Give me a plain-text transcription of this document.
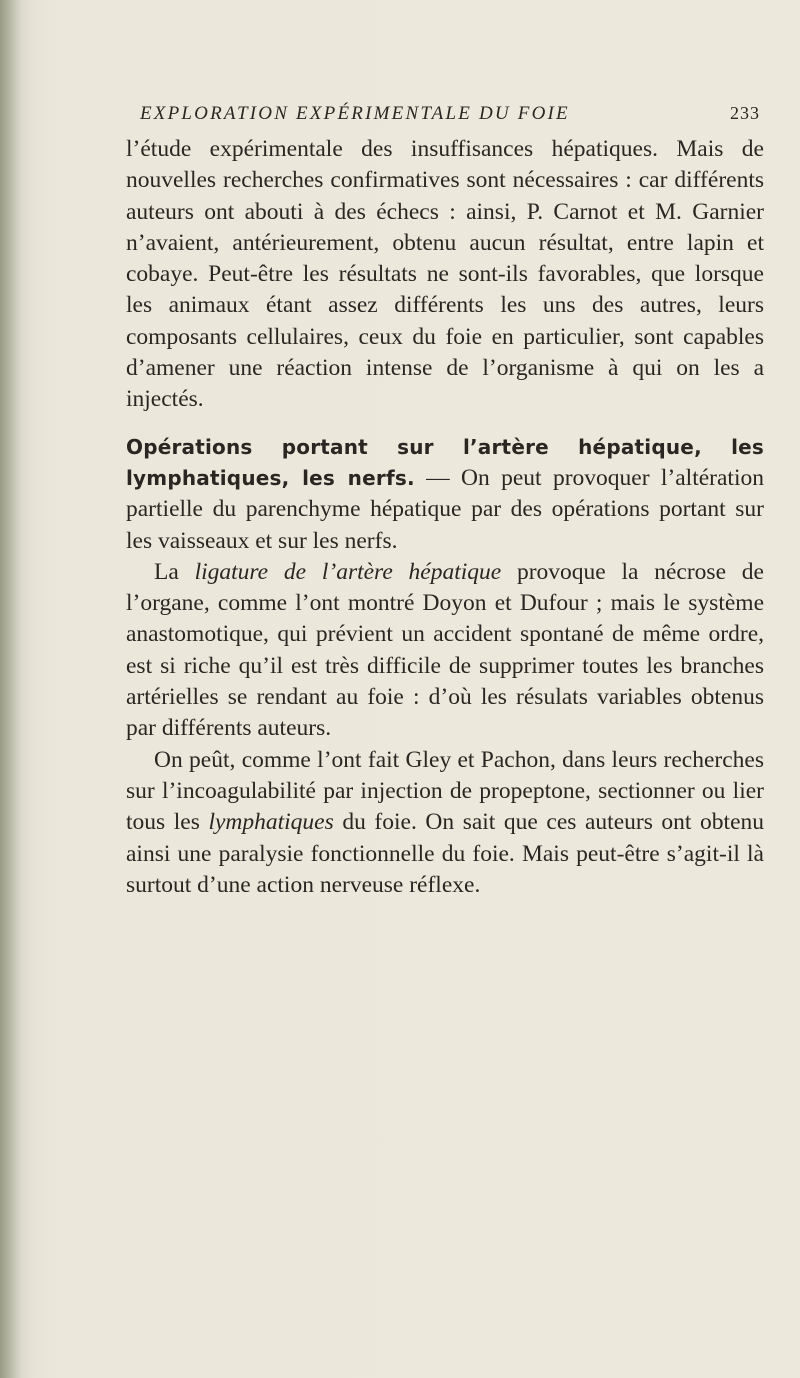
EXPLORATION EXPÉRIMENTALE DU FOIE	233

l’étude expérimentale des insuffisances hépatiques. Mais de nouvelles recherches confirmatives sont nécessaires : car différents auteurs ont abouti à des échecs : ainsi, P. Carnot et M. Garnier n’avaient, antérieurement, obtenu aucun résultat, entre lapin et cobaye. Peut-être les résultats ne sont-ils favorables, que lorsque les animaux étant assez différents les uns des autres, leurs composants cellulaires, ceux du foie en particulier, sont capables d’amener une réaction intense de l’organisme à qui on les a injectés.

Opérations portant sur l’artère hépatique, les lymphatiques, les nerfs. — On peut provoquer l’altération partielle du parenchyme hépatique par des opérations portant sur les vaisseaux et sur les nerfs.

La ligature de l’artère hépatique provoque la nécrose de l’organe, comme l’ont montré Doyon et Dufour ; mais le système anastomotique, qui prévient un accident spontané de même ordre, est si riche qu’il est très difficile de supprimer toutes les branches artérielles se rendant au foie : d’où les résulats variables obtenus par différents auteurs.

On peût, comme l’ont fait Gley et Pachon, dans leurs recherches sur l’incoagulabilité par injection de propeptone, sectionner ou lier tous les lymphatiques du foie. On sait que ces auteurs ont obtenu ainsi une paralysie fonctionnelle du foie. Mais peut-être s’agit-il là surtout d’une action nerveuse réflexe.
